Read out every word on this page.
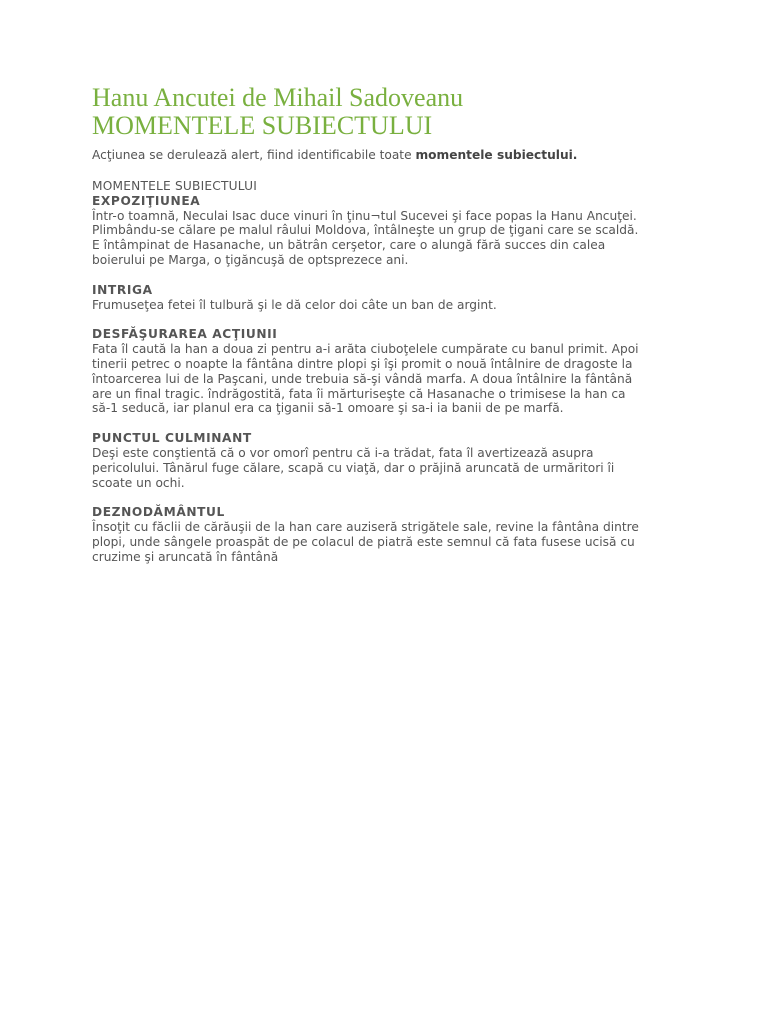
Hanu Ancutei de Mihail Sadoveanu
MOMENTELE SUBIECTULUI
Acţiunea se derulează alert, fiind identificabile toate momentele subiectului.
MOMENTELE SUBIECTULUI
EXPOZIŢIUNEA
Într-o toamnă, Neculai Isac duce vinuri în ţinu¬tul Sucevei şi face popas la Hanu Ancuţei.
Plimbându-se călare pe malul râului Moldova, întâlneşte un grup de ţigani care se scaldă.
E întâmpinat de Hasanache, un bătrân cerşetor, care o alungă fără succes din calea
boierului pe Marga, o ţigăncuşă de optsprezece ani.
INTRIGA
Frumuseţea fetei îl tulbură şi le dă celor doi câte un ban de argint.
DESFĂŞURAREA ACŢIUNII
Fata îl caută la han a doua zi pentru a-i arăta ciuboţelele cumpărate cu banul primit. Apoi
tinerii petrec o noapte la fântâna dintre plopi şi îşi promit o nouă întâlnire de dragoste la
întoarcerea lui de la Paşcani, unde trebuia să-şi vândă marfa. A doua întâlnire la fântână
are un final tragic. îndrăgostită, fata îi mărturiseşte că Hasanache o trimisese la han ca
să-1 seducă, iar planul era ca ţiganii să-1 omoare şi sa-i ia banii de pe marfă.
PUNCTUL CULMINANT
Deşi este conştientă că o vor omorî pentru că i-a trădat, fata îl avertizează asupra
pericolului. Tânărul fuge călare, scapă cu viaţă, dar o prăjină aruncată de urmăritori îi
scoate un ochi.
DEZNODĂMÂNTUL
Însoţit cu făclii de cărăuşii de la han care auziseră strigătele sale, revine la fântâna dintre
plopi, unde sângele proaspăt de pe colacul de piatră este semnul că fata fusese ucisă cu
cruzime şi aruncată în fântână
